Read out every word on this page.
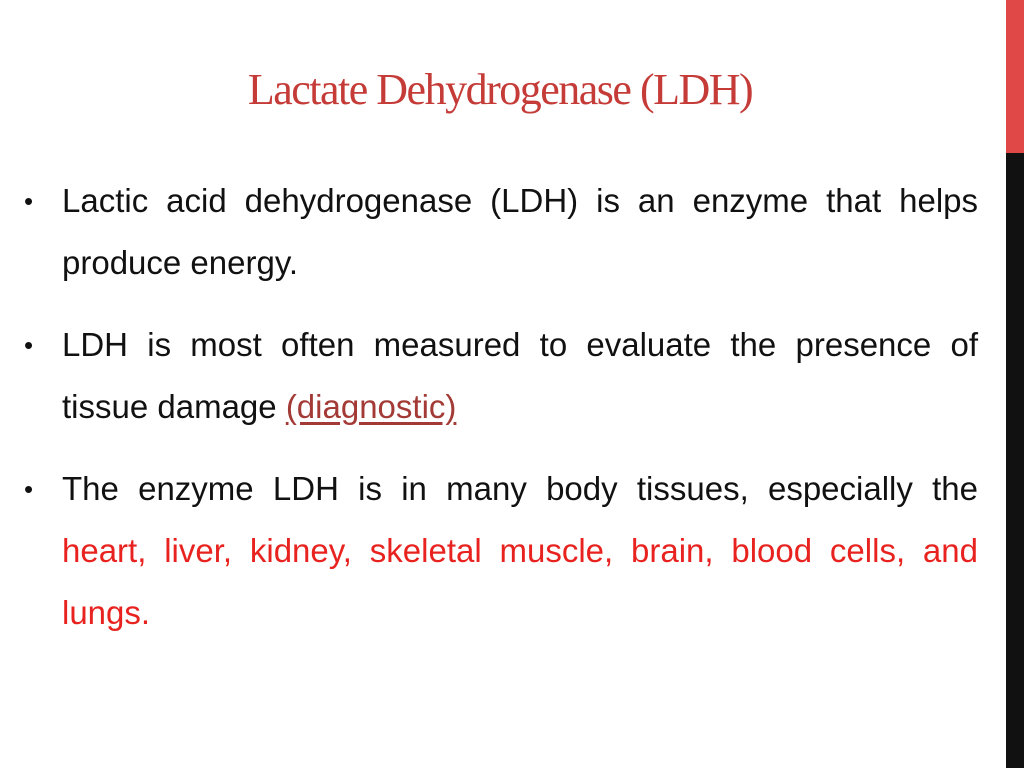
Lactate Dehydrogenase (LDH)
• Lactic acid dehydrogenase (LDH) is an enzyme that helps produce energy.
• LDH is most often measured to evaluate the presence of tissue damage (diagnostic)
• The enzyme LDH is in many body tissues, especially the heart, liver, kidney, skeletal muscle, brain, blood cells, and lungs.
